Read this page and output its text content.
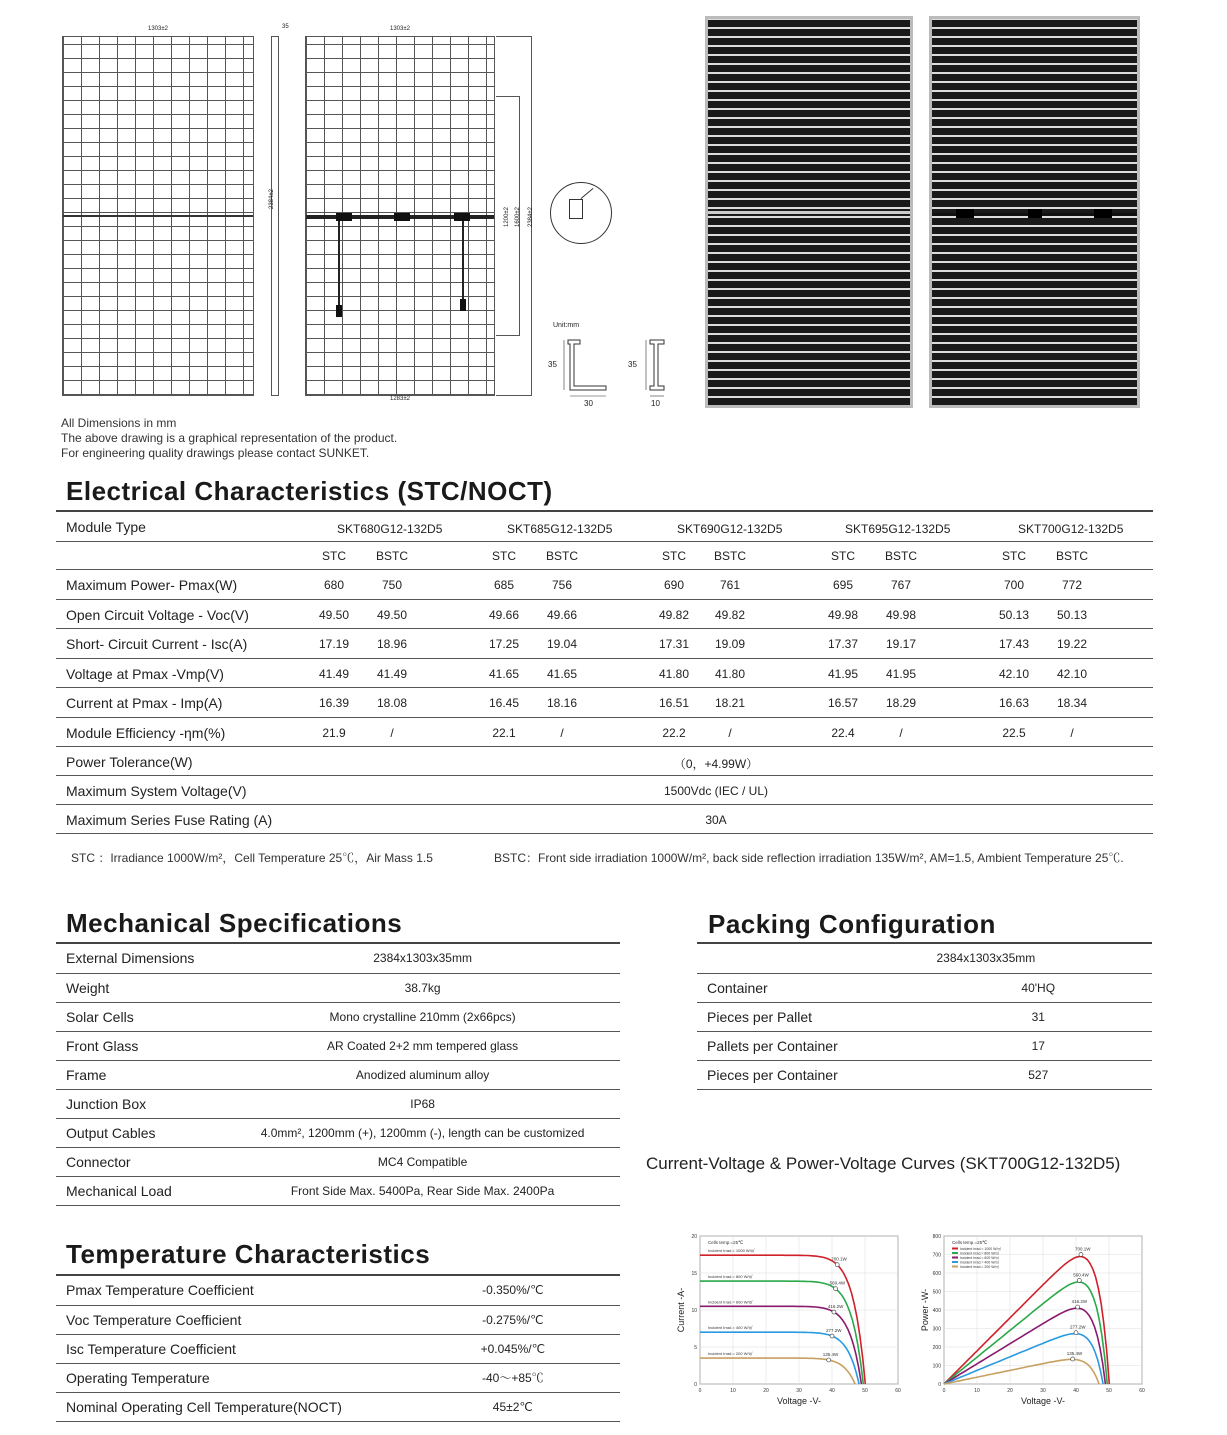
1303±2	35
2384±2
1303±2
1200±2 1600±2 2384±2
1283±2
Unit:mm
35
30
35
10
All Dimensions in mm
The above drawing is a graphical representation of the product.
For engineering quality drawings please contact SUNKET.
Electrical Characteristics (STC/NOCT)
Module Type	SKT680G12-132D5	SKT685G12-132D5	SKT690G12-132D5	SKT695G12-132D5	SKT700G12-132D5
STC	BSTC	STC	BSTC	STC	BSTC	STC	BSTC	STC	BSTC
Maximum Power- Pmax(W)	680	750	685	756	690	761	695	767	700	772
Open Circuit Voltage - Voc(V)	49.50	49.50	49.66	49.66	49.82	49.82	49.98	49.98	50.13	50.13
Short- Circuit Current - Isc(A)	17.19	18.96	17.25	19.04	17.31	19.09	17.37	19.17	17.43	19.22
Voltage at Pmax -Vmp(V)	41.49	41.49	41.65	41.65	41.80	41.80	41.95	41.95	42.10	42.10
Current at Pmax - Imp(A)	16.39	18.08	16.45	18.16	16.51	18.21	16.57	18.29	16.63	18.34
Module Efficiency -ηm(%)	21.9	/	22.1	/	22.2	/	22.4	/	22.5	/
Power Tolerance(W)	（0，+4.99W）
Maximum System Voltage(V)	1500Vdc (IEC / UL)
Maximum Series Fuse Rating (A)	30A
STC ：Irradiance 1000W/m²，Cell Temperature 25℃，Air Mass 1.5	BSTC：Front side irradiation 1000W/m², back side reflection irradiation 135W/m², AM=1.5, Ambient Temperature 25℃.
Mechanical Specifications
External Dimensions	2384x1303x35mm
Weight	38.7kg
Solar Cells	Mono crystalline 210mm (2x66pcs)
Front Glass	AR Coated 2+2 mm tempered glass
Frame	Anodized aluminum alloy
Junction Box	IP68
Output Cables	4.0mm², 1200mm (+), 1200mm (-), length can be customized
Connector	MC4 Compatible
Mechanical Load	Front Side Max. 5400Pa, Rear Side Max. 2400Pa
Packing Configuration
	2384x1303x35mm
Container	40'HQ
Pieces per Pallet	31
Pallets per Container	17
Pieces per Container	527
Temperature Characteristics
Pmax Temperature Coefficient	-0.350%/℃
Voc Temperature Coefficient	-0.275%/℃
Isc Temperature Coefficient	+0.045%/℃
Operating Temperature	-40～+85℃
Nominal Operating Cell Temperature(NOCT)	45±2℃
Current-Voltage & Power-Voltage Curves (SKT700G12-132D5)
0	10	20	30	40	50	60
0
5
10
15
20
Voltage -V-
Current -A-
Cells temp.=25℃
700.1W
Incident Irrad.= 1000 W/㎡
560.4W
Incident Irrad.= 800 W/㎡
416.2W
Incident Irrad.= 600 W/㎡
277.2W
Incident Irrad.= 400 W/㎡
135.4W
Incident Irrad.= 200 W/㎡
0	10	20	30	40	50	60
0
100
200
300
400
500
600
700
800
Voltage -V-
Power -W-
Cells temp.=25℃
700.1W
Incident Irrad.= 1000 W/㎡
560.4W
Incident Irrad.= 800 W/㎡
416.2W
Incident Irrad.= 600 W/㎡
277.2W
Incident Irrad.= 400 W/㎡
135.4W
Incident Irrad.= 200 W/㎡
